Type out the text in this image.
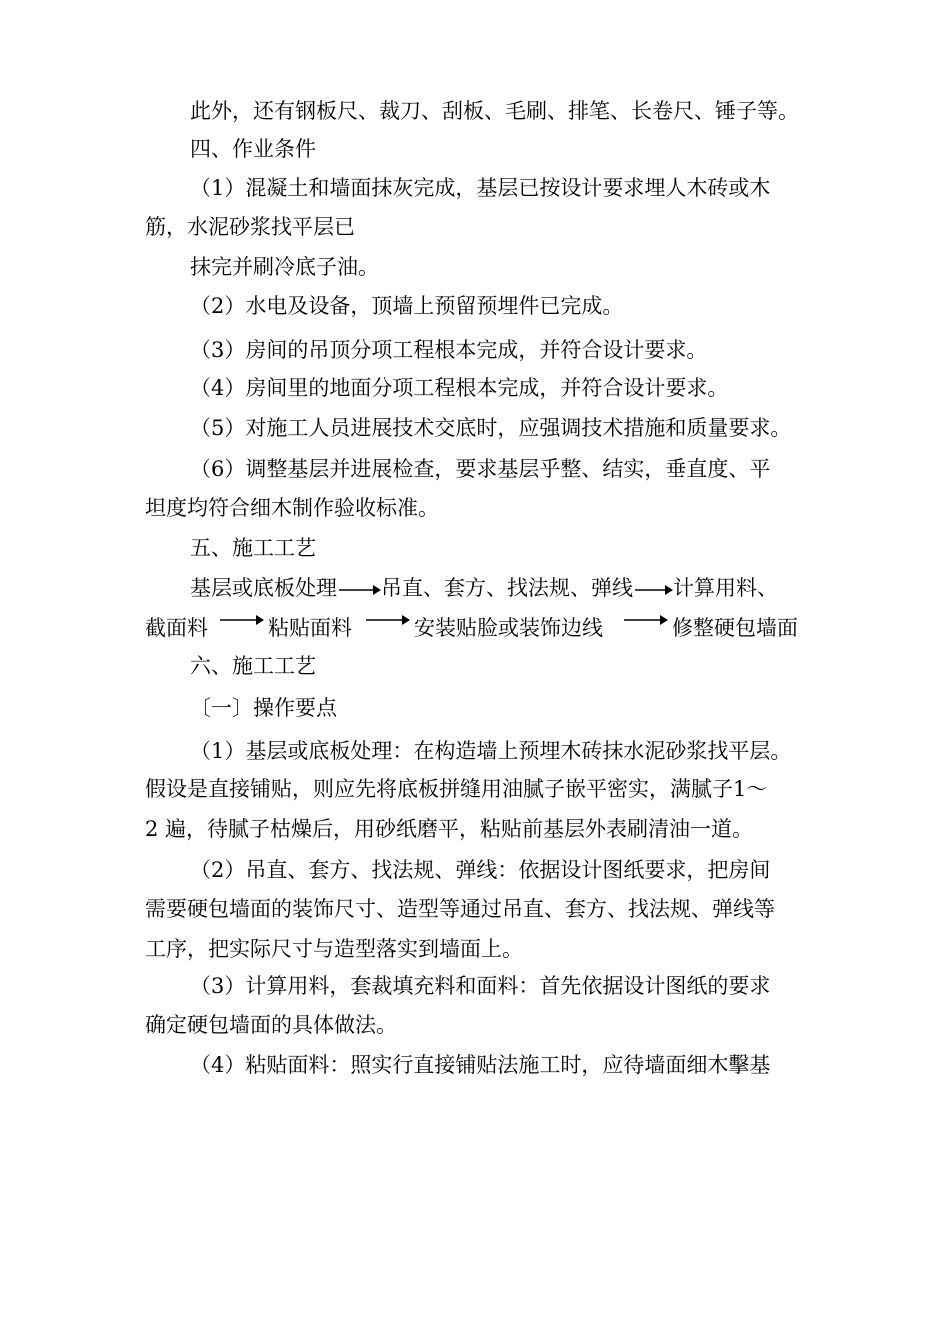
此外，还有钢板尺、裁刀、刮板、毛刷、排笔、长卷尺、锤子等。
四、作业条件
（1）混凝土和墙面抹灰完成，基层已按设计要求埋人木砖或木
筋，水泥砂浆找平层已
抹完并刷冷底子油。
（2）水电及设备，顶墙上预留预埋件已完成。
（3）房间的吊顶分项工程根本完成，并符合设计要求。
（4）房间里的地面分项工程根本完成，并符合设计要求。
（5）对施工人员进展技术交底时，应强调技术措施和质量要求。
（6）调整基层并进展检查，要求基层乎整、结实，垂直度、平
坦度均符合细木制作验收标准。
五、施工工艺
基层或底板处理 吊直、套方、找法规、弹线 计算用料、
截面料	粘贴面料	安装贴脸或装饰边线	修整硬包墙面
六、施工工艺
〔一〕操作要点
（1）基层或底板处理：在构造墙上预埋木砖抹水泥砂浆找平层。
假设是直接铺贴，则应先将底板拼缝用油腻子嵌平密实，满腻子1～
2 遍，待腻子枯燥后，用砂纸磨平，粘贴前基层外表刷清油一道。
（2）吊直、套方、找法规、弹线：依据设计图纸要求，把房间
需要硬包墙面的装饰尺寸、造型等通过吊直、套方、找法规、弹线等
工序，把实际尺寸与造型落实到墙面上。
（3）计算用料，套裁填充料和面料：首先依据设计图纸的要求
确定硬包墙面的具体做法。
（4）粘贴面料：照实行直接铺贴法施工时，应待墙面细木擊基
